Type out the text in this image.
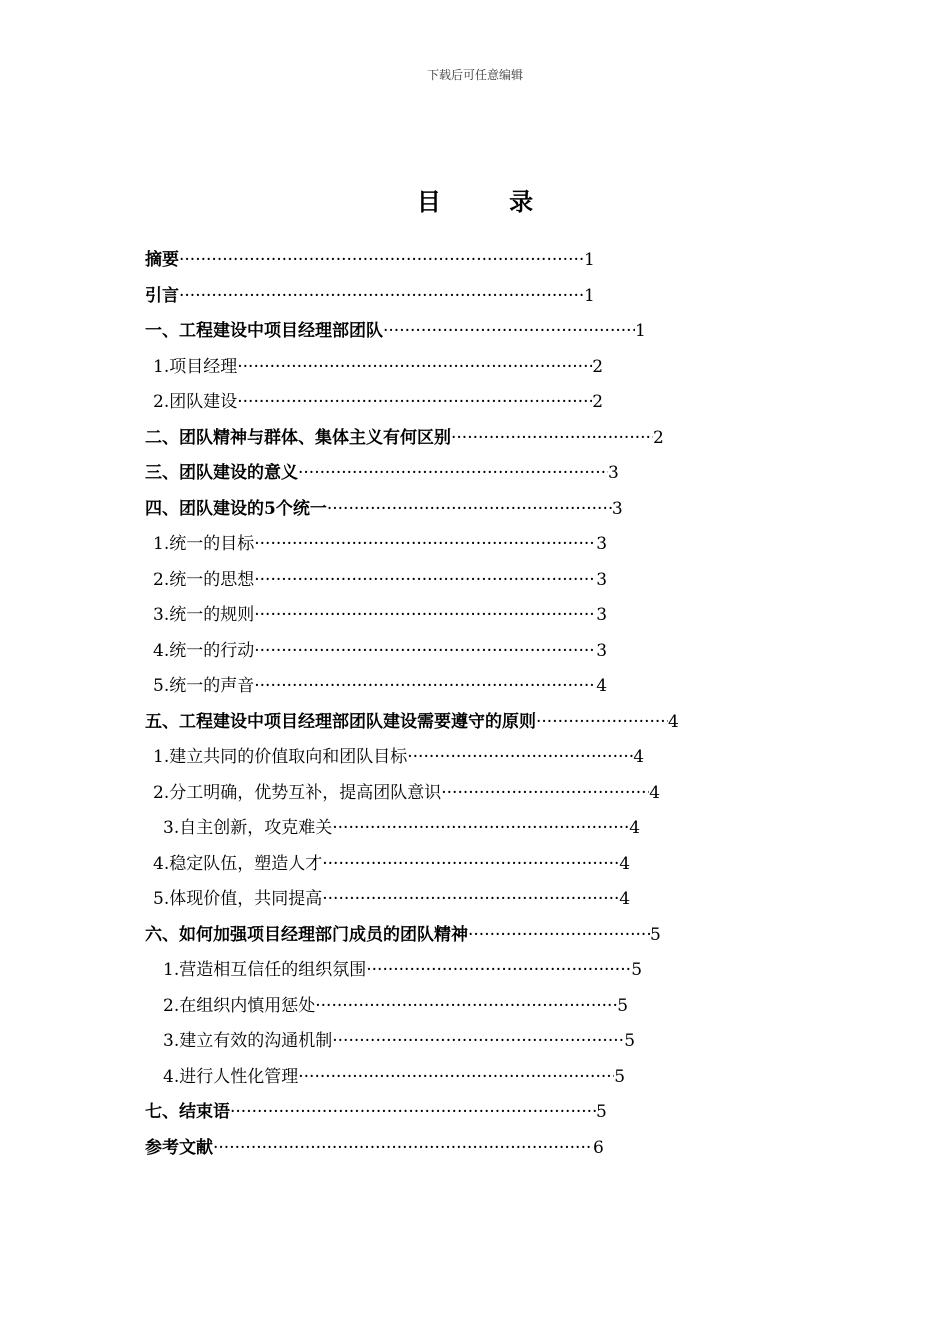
下载后可任意编辑
目 录
摘要 ·····	1
引言 ·····	1
一、工程建设中项目经理部团队 ·····	1
1.项目经理 ·····	2
2.团队建设 ·····	2
二、团队精神与群体、集体主义有何区别 ·····	2
三、团队建设的意义 ·····	3
四、团队建设的5个统一 ·····	3
1.统一的目标 ·····	3
2.统一的思想 ·····	3
3.统一的规则 ·····	3
4.统一的行动 ·····	3
5.统一的声音 ·····	4
五、工程建设中项目经理部团队建设需要遵守的原则 ·····	4
1.建立共同的价值取向和团队目标 ·····	4
2.分工明确，优势互补，提高团队意识 ·····	4
3.自主创新，攻克难关 ·····	4
4.稳定队伍，塑造人才 ·····	4
5.体现价值，共同提高 ·····	4
六、如何加强项目经理部门成员的团队精神 ·····	5
1.营造相互信任的组织氛围 ·····	5
2.在组织内慎用惩处 ·····	5
3.建立有效的沟通机制 ·····	5
4.进行人性化管理 ·····	5
七、结束语 ·····	5
参考文献 ·····	6
